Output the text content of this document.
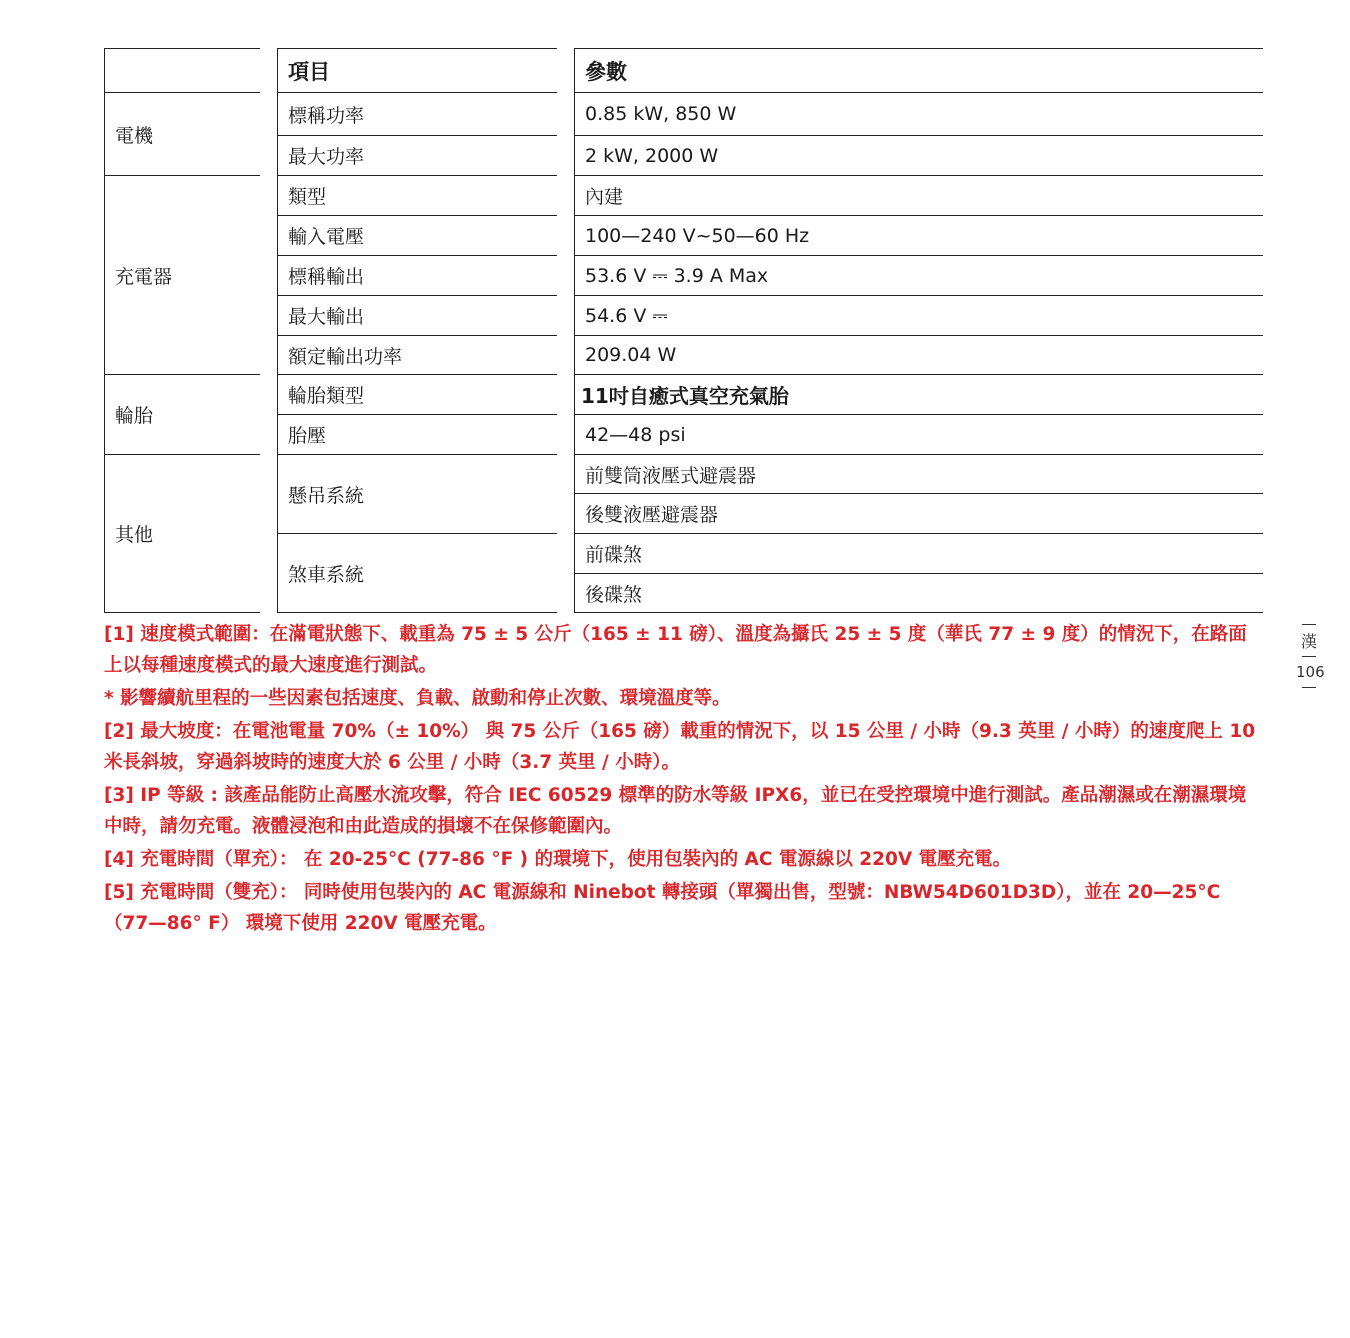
電機
充電器
輪胎
其他
項目
標稱功率
最大功率
類型
輸入電壓
標稱輸出
最大輸出
額定輸出功率
輪胎類型
胎壓
懸吊系統
煞車系統
參數
0.85 kW, 850 W
2 kW, 2000 W
內建
100—240 V~50—60 Hz
53.6 V ⎓ 3.9 A Max
54.6 V ⎓
209.04 W
11吋自癒式真空充氣胎
42—48 psi
前雙筒液壓式避震器
後雙液壓避震器
前碟煞
後碟煞
[1] 速度模式範圍：在滿電狀態下、載重為 75 ± 5 公斤（165 ± 11 磅）、溫度為攝氏 25 ± 5 度（華氏 77 ± 9 度）的情況下，在路面上以每種速度模式的最大速度進行測試。
* 影響續航里程的一些因素包括速度、負載、啟動和停止次數、環境溫度等。
[2] 最大坡度：在電池電量 70%（± 10%） 與 75 公斤（165 磅）載重的情況下，以 15 公里 / 小時（9.3 英里 / 小時）的速度爬上 10 米長斜坡，穿過斜坡時的速度大於 6 公里 / 小時（3.7 英里 / 小時）。
[3] IP 等級 : 該產品能防止高壓水流攻擊，符合 IEC 60529 標準的防水等級 IPX6，並已在受控環境中進行測試。產品潮濕或在潮濕環境中時，請勿充電。液體浸泡和由此造成的損壞不在保修範圍內。
[4] 充電時間（單充）： 在 20-25°C (77-86 °F ) 的環境下，使用包裝內的 AC 電源線以 220V 電壓充電。
[5] 充電時間（雙充）： 同時使用包裝內的 AC 電源線和 Ninebot 轉接頭（單獨出售，型號：NBW54D601D3D），並在 20—25°C（77—86° F） 環境下使用 220V 電壓充電。
漢
106
